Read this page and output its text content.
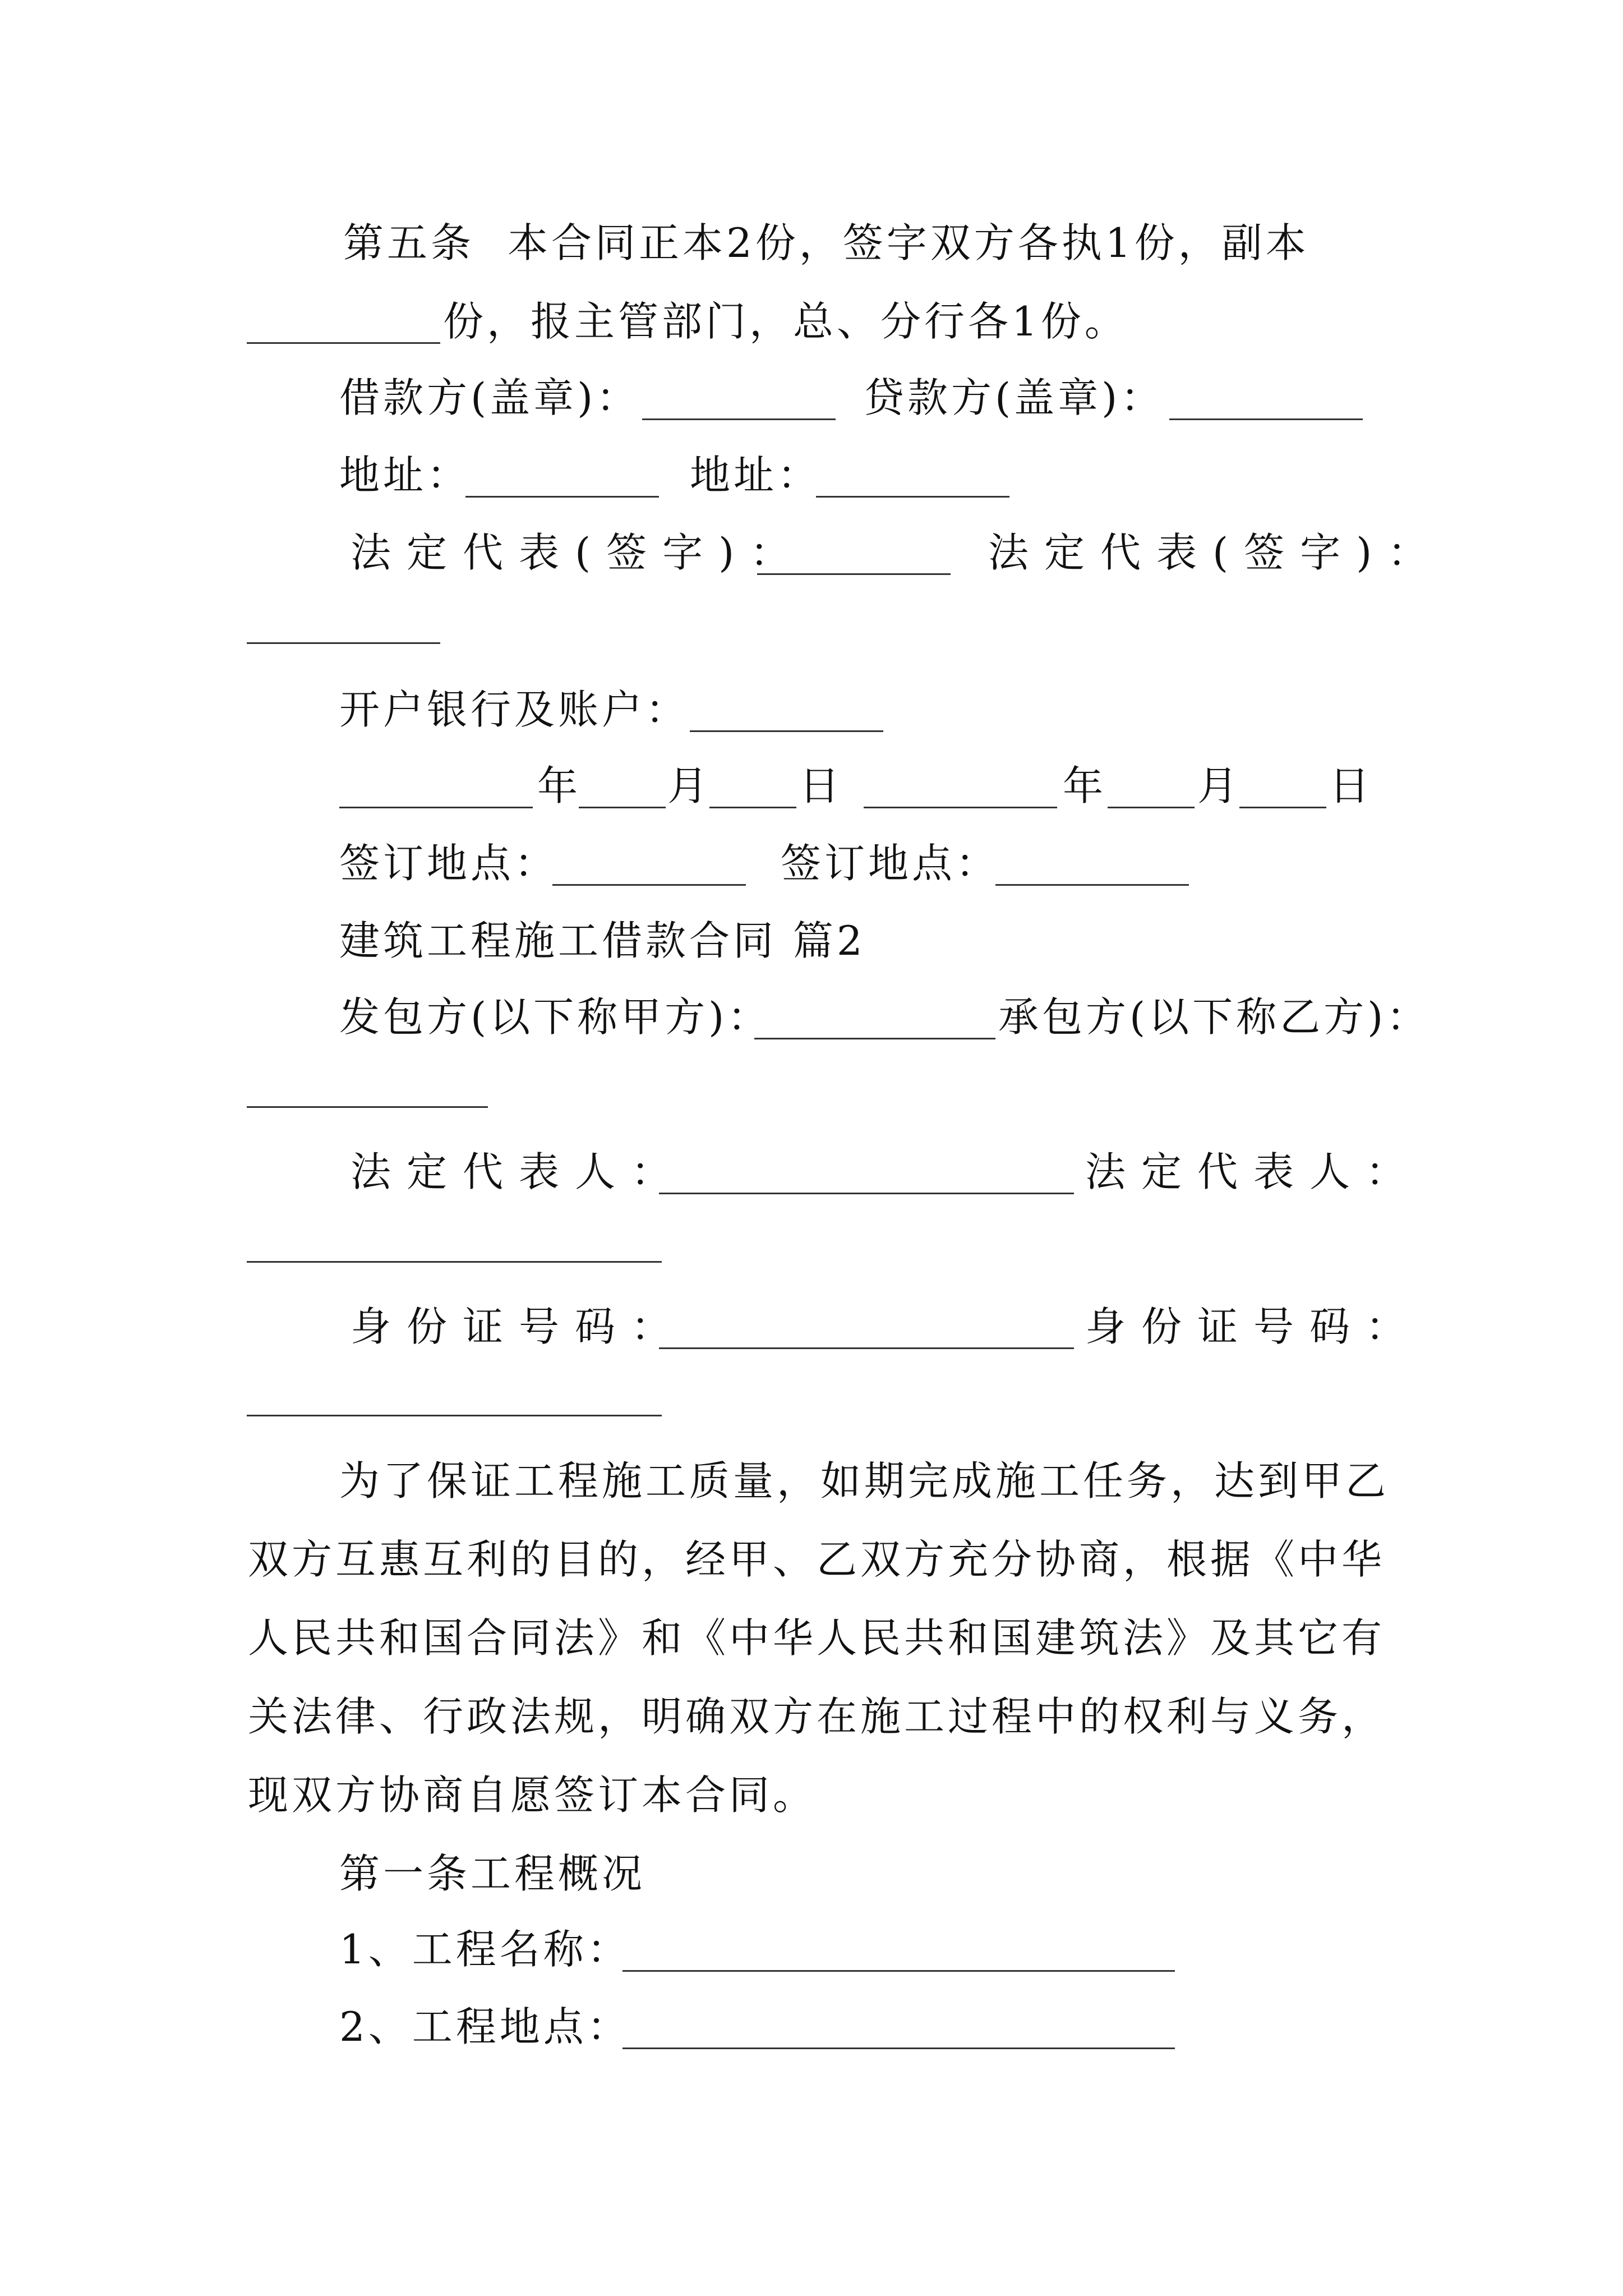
第五条 本合同正本2份，签字双方各执1份，副本
份，报主管部门，总、分行各1份。
借款方(盖章)：	贷款方(盖章)：
地址：	地址：
法定代表(签字)：	法定代表(签字)：
开户银行及账户：
年 月 日	年 月 日
签订地点：	签订地点：
建筑工程施工借款合同 篇2
发包方(以下称甲方)：	承包方(以下称乙方)：
法定代表人：	法定代表人：
身份证号码：	身份证号码：
为了保证工程施工质量，如期完成施工任务，达到甲乙
双方互惠互利的目的，经甲、乙双方充分协商，根据《中华
人民共和国合同法》和《中华人民共和国建筑法》及其它有
关法律、行政法规，明确双方在施工过程中的权利与义务，
现双方协商自愿签订本合同。
第一条工程概况
1、工程名称：
2、工程地点：
